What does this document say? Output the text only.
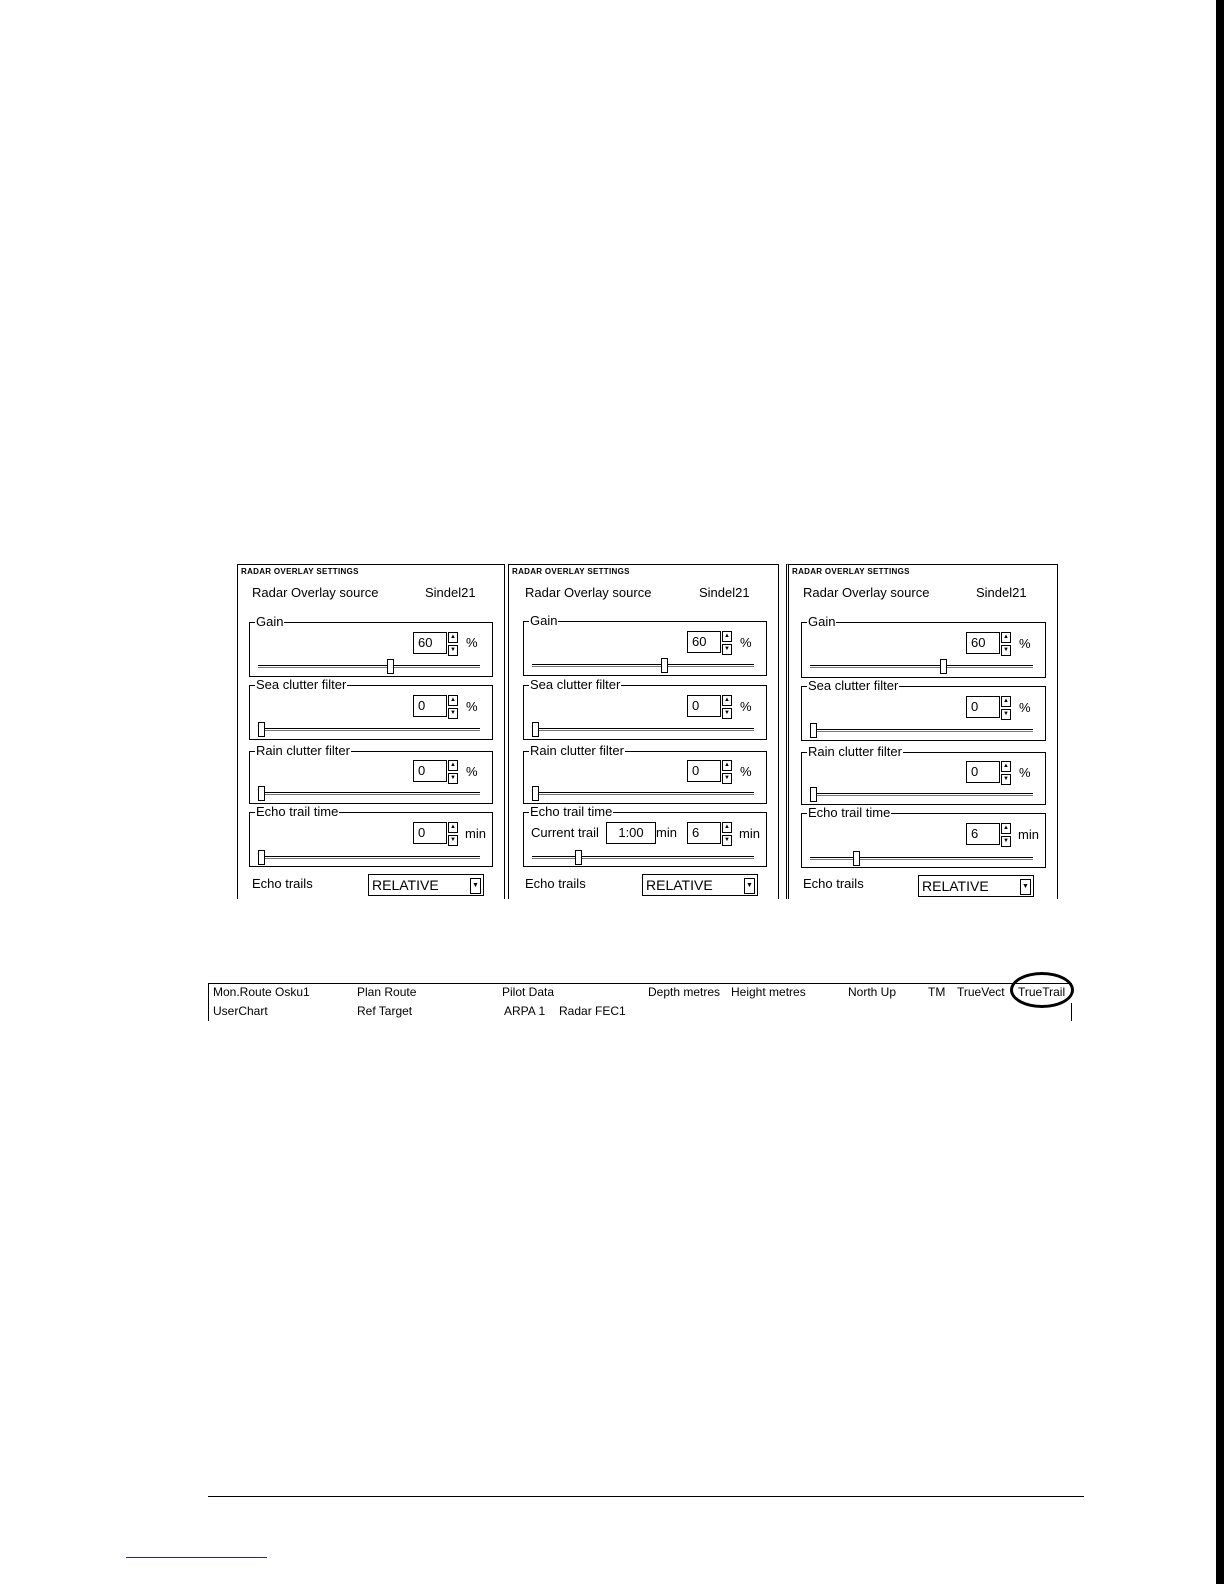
RADAR OVERLAY SETTINGS
Radar Overlay source	Sindel21
Gain
60	▲
▼ %
Sea clutter filter
0	▲
▼ %
Rain clutter filter
0	▲
▼ %
Echo trail time
0	▲
▼ min
Echo trails	RELATIVE	▼
RADAR OVERLAY SETTINGS
Radar Overlay source	Sindel21
Gain
60	▲
▼ %
Sea clutter filter
0	▲
▼ %
Rain clutter filter
0	▲
▼ %
Echo trail time
Current trail	1:00 min	6	▲
▼ min
Echo trails	RELATIVE	▼
RADAR OVERLAY SETTINGS
Radar Overlay source	Sindel21
Gain
60	▲
▼ %
Sea clutter filter
0	▲
▼ %
Rain clutter filter
0	▲
▼ %
Echo trail time
6	▲
▼ min
Echo trails	RELATIVE	▼
Mon.Route Osku1	Plan Route	Pilot Data	Depth metres Height metres	North Up	TM TrueVect TrueTrail
UserChart	Ref Target	ARPA 1 Radar FEC1
